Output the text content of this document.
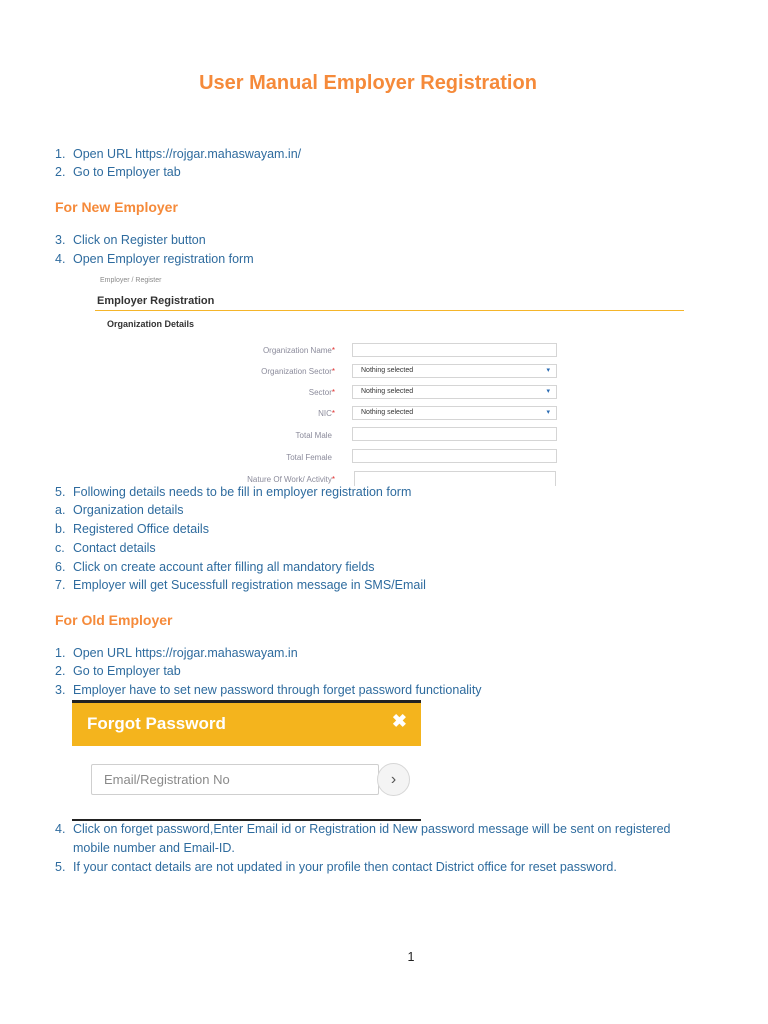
User Manual Employer Registration
1. Open URL https://rojgar.mahaswayam.in/
2. Go to Employer tab
For New Employer
3. Click on Register button
4. Open Employer registration form
Employer / Register
Employer Registration
Organization Details
Organization Name*
Organization Sector*	Nothing selected	▾
Sector*	Nothing selected	▾
NIC*	Nothing selected	▾
Total Male
Total Female
Nature Of Work/ Activity*
5. Following details needs to be fill in employer registration form
a. Organization details
b. Registered Office details
c. Contact details
6. Click on create account after filling all mandatory fields
7. Employer will get Sucessfull registration message in SMS/Email
For Old Employer
1. Open URL https://rojgar.mahaswayam.in
2. Go to Employer tab
3. Employer have to set new password through forget password functionality
Forgot Password	✖
Email/Registration No	›
4. Click on forget password,Enter Email id or Registration id New password message will be sent on registered
mobile number and Email-ID.
5. If your contact details are not updated in your profile then contact District office for reset password.
1
